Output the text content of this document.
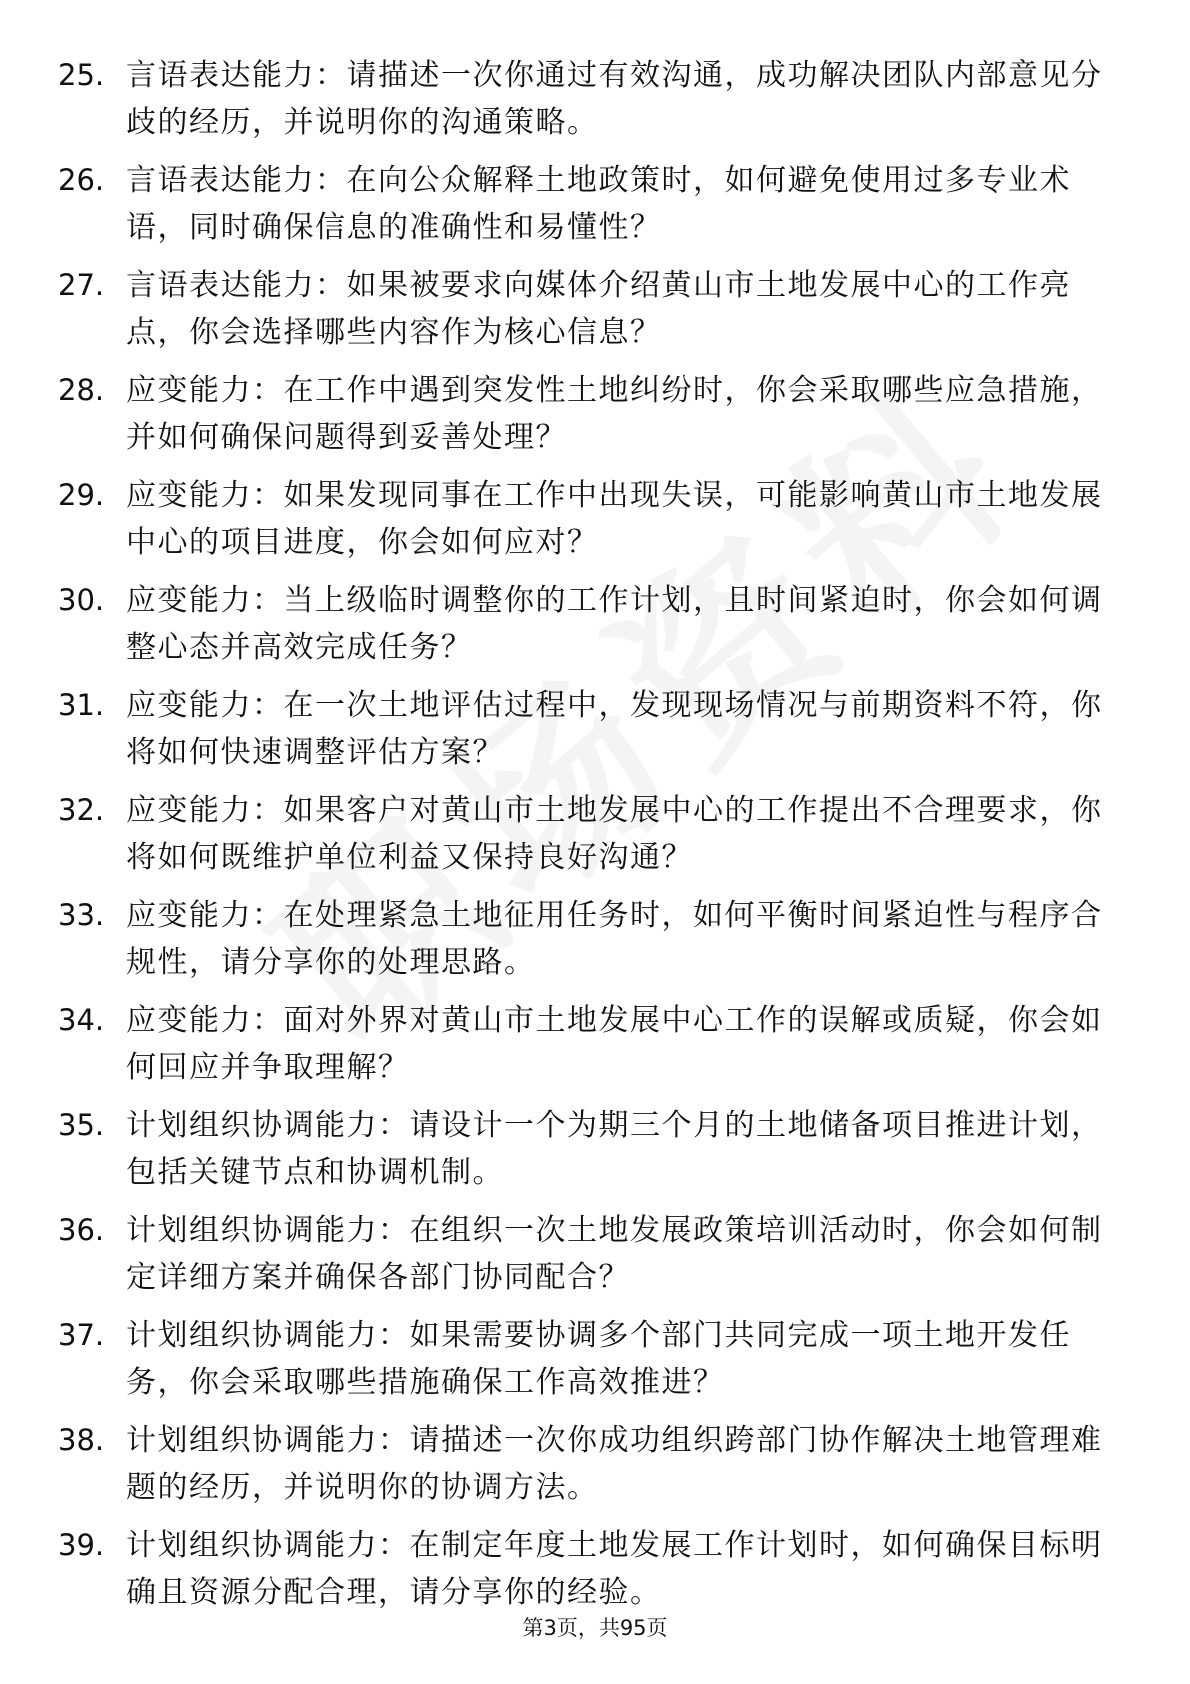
25. 言语表达能力：请描述一次你通过有效沟通，成功解决团队内部意见分歧的经历，并说明你的沟通策略。
26. 言语表达能力：在向公众解释土地政策时，如何避免使用过多专业术语，同时确保信息的准确性和易懂性？
27. 言语表达能力：如果被要求向媒体介绍黄山市土地发展中心的工作亮点，你会选择哪些内容作为核心信息？
28. 应变能力：在工作中遇到突发性土地纠纷时，你会采取哪些应急措施，并如何确保问题得到妥善处理？
29. 应变能力：如果发现同事在工作中出现失误，可能影响黄山市土地发展中心的项目进度，你会如何应对？
30. 应变能力：当上级临时调整你的工作计划，且时间紧迫时，你会如何调整心态并高效完成任务？
31. 应变能力：在一次土地评估过程中，发现现场情况与前期资料不符，你将如何快速调整评估方案？
32. 应变能力：如果客户对黄山市土地发展中心的工作提出不合理要求，你将如何既维护单位利益又保持良好沟通？
33. 应变能力：在处理紧急土地征用任务时，如何平衡时间紧迫性与程序合规性，请分享你的处理思路。
34. 应变能力：面对外界对黄山市土地发展中心工作的误解或质疑，你会如何回应并争取理解？
35. 计划组织协调能力：请设计一个为期三个月的土地储备项目推进计划，包括关键节点和协调机制。
36. 计划组织协调能力：在组织一次土地发展政策培训活动时，你会如何制定详细方案并确保各部门协同配合？
37. 计划组织协调能力：如果需要协调多个部门共同完成一项土地开发任务，你会采取哪些措施确保工作高效推进？
38. 计划组织协调能力：请描述一次你成功组织跨部门协作解决土地管理难题的经历，并说明你的协调方法。
39. 计划组织协调能力：在制定年度土地发展工作计划时，如何确保目标明确且资源分配合理，请分享你的经验。
第3页，共95页
